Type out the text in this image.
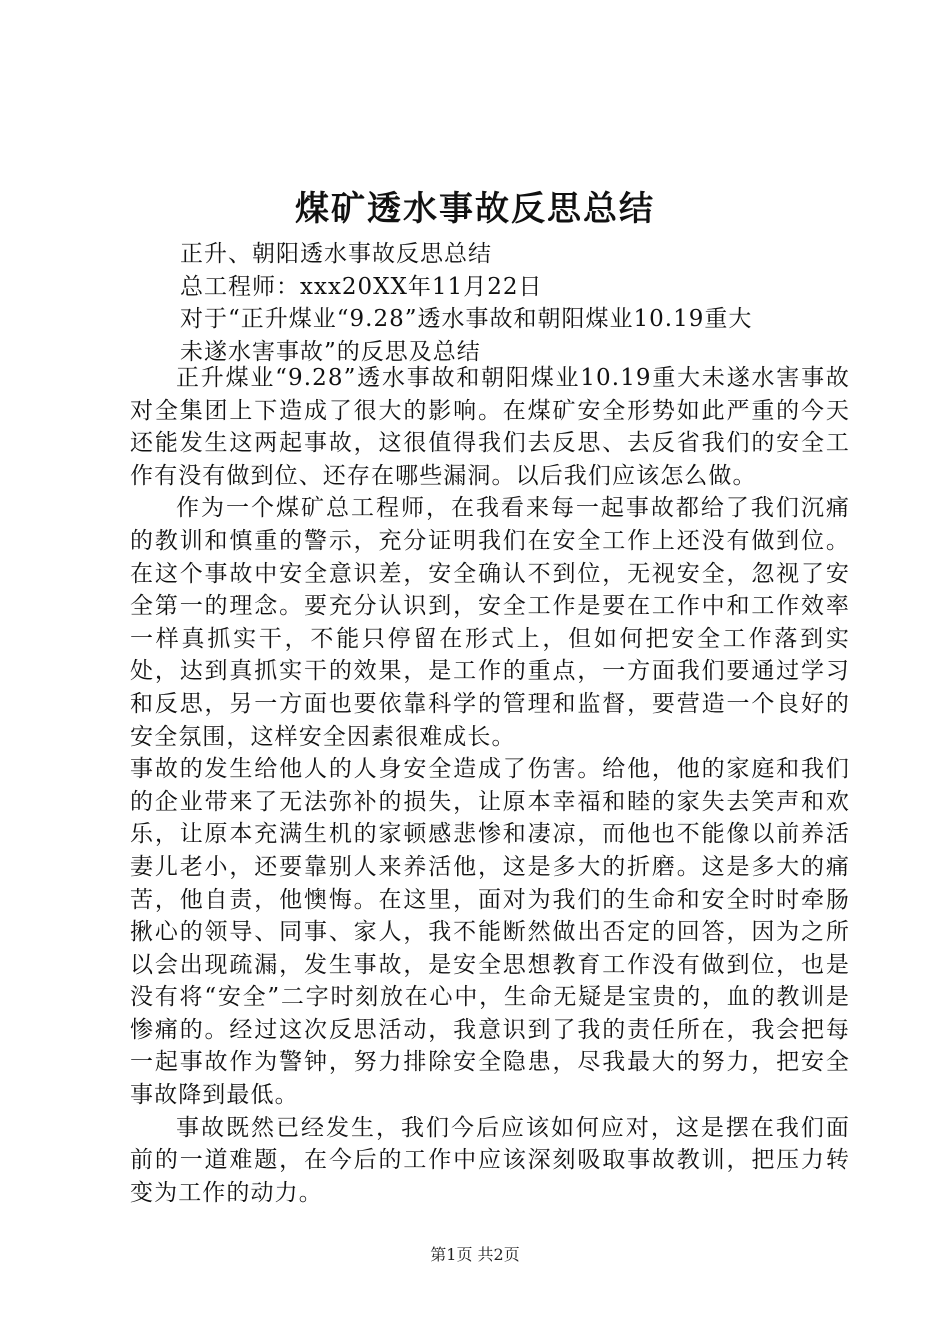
煤矿透水事故反思总结
正升、朝阳透水事故反思总结
总工程师：xxx20XX年11月22日
对于“正升煤业“9.28”透水事故和朝阳煤业10.19重大
未遂水害事故”的反思及总结

正升煤业“9.28”透水事故和朝阳煤业10.19重大未遂水害事故对全集团上下造成了很大的影响。在煤矿安全形势如此严重的今天还能发生这两起事故，这很值得我们去反思、去反省我们的安全工作有没有做到位、还存在哪些漏洞。以后我们应该怎么做。

作为一个煤矿总工程师，在我看来每一起事故都给了我们沉痛的教训和慎重的警示，充分证明我们在安全工作上还没有做到位。在这个事故中安全意识差，安全确认不到位，无视安全，忽视了安全第一的理念。要充分认识到，安全工作是要在工作中和工作效率一样真抓实干，不能只停留在形式上，但如何把安全工作落到实处，达到真抓实干的效果，是工作的重点，一方面我们要通过学习和反思，另一方面也要依靠科学的管理和监督，要营造一个良好的安全氛围，这样安全因素很难成长。

事故的发生给他人的人身安全造成了伤害。给他，他的家庭和我们的企业带来了无法弥补的损失，让原本幸福和睦的家失去笑声和欢乐，让原本充满生机的家顿感悲惨和凄凉，而他也不能像以前养活妻儿老小，还要靠别人来养活他，这是多大的折磨。这是多大的痛苦，他自责，他懊悔。在这里，面对为我们的生命和安全时时牵肠揪心的领导、同事、家人，我不能断然做出否定的回答，因为之所以会出现疏漏，发生事故，是安全思想教育工作没有做到位，也是没有将“安全”二字时刻放在心中，生命无疑是宝贵的，血的教训是惨痛的。经过这次反思活动，我意识到了我的责任所在，我会把每一起事故作为警钟，努力排除安全隐患，尽我最大的努力，把安全事故降到最低。

事故既然已经发生，我们今后应该如何应对，这是摆在我们面前的一道难题，在今后的工作中应该深刻吸取事故教训，把压力转变为工作的动力。

第1页 共2页
